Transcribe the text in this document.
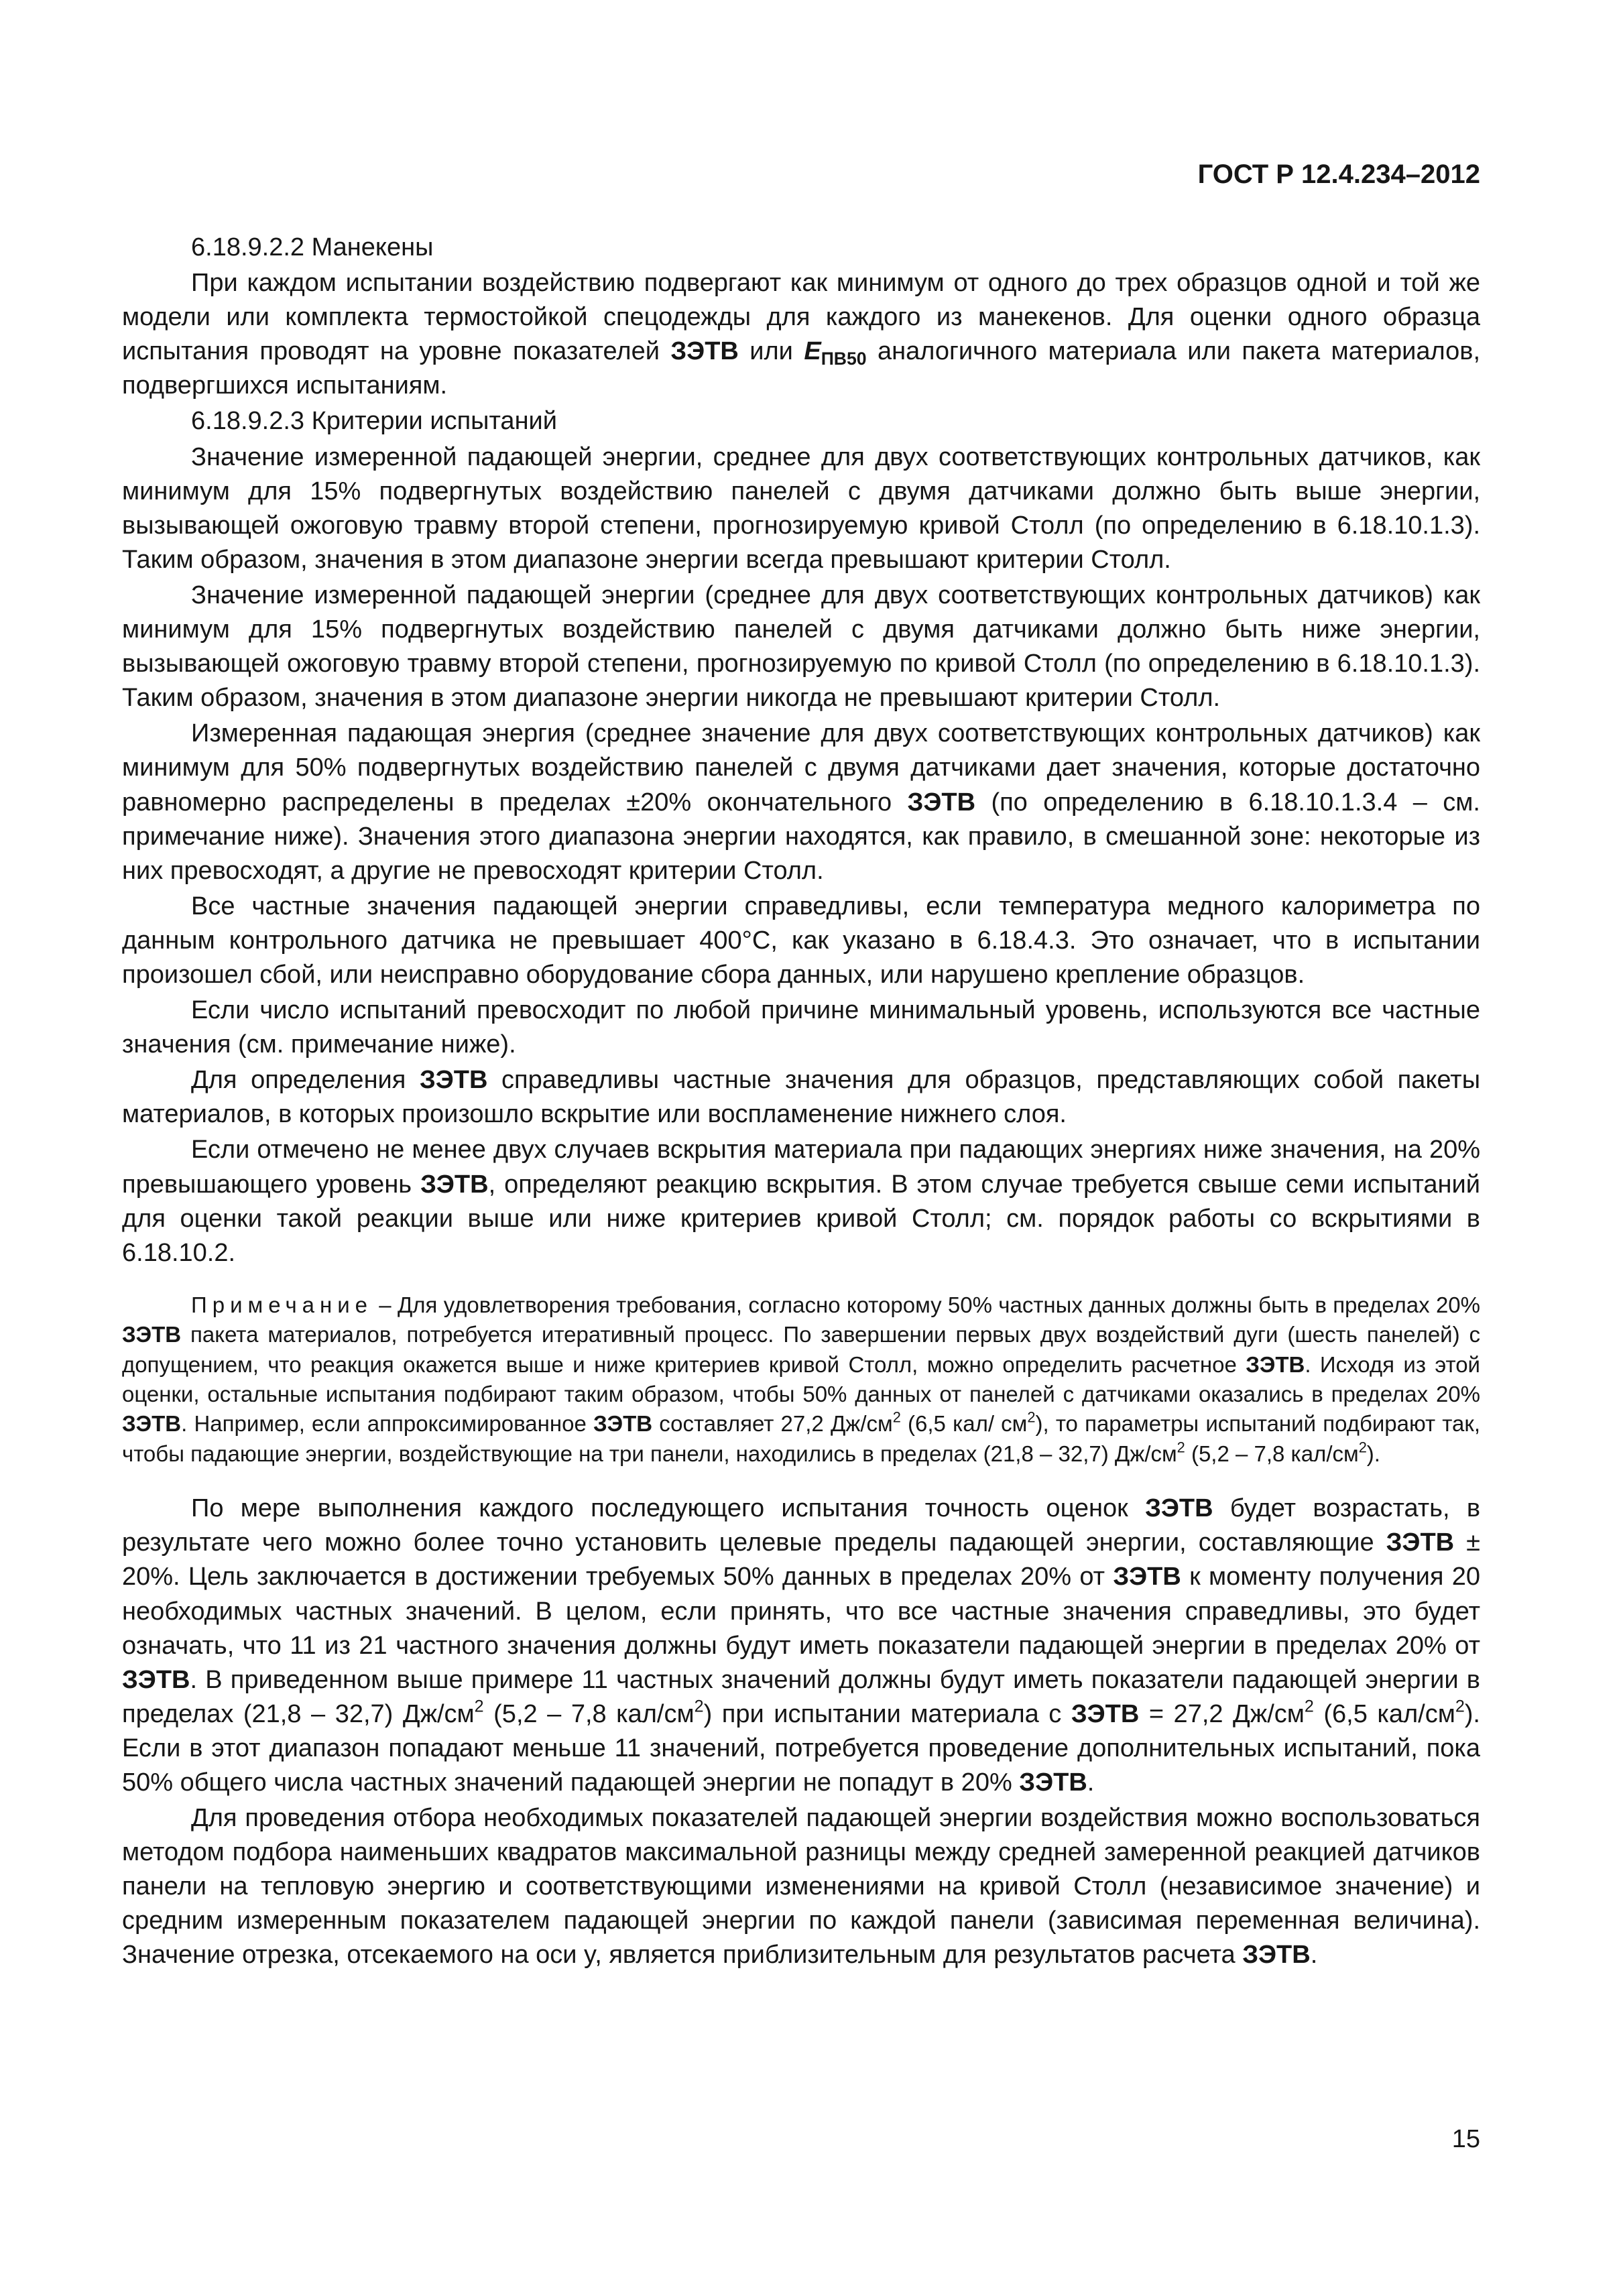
ГОСТ Р 12.4.234–2012

6.18.9.2.2 Манекены

При каждом испытании воздействию подвергают как минимум от одного до трех образцов одной и той же модели или комплекта термостойкой спецодежды для каждого из манекенов. Для оценки одного образца испытания проводят на уровне показателей ЗЭТВ или $E_{ПВ50}$ аналогичного материала или пакета материалов, подвергшихся испытаниям.

6.18.9.2.3 Критерии испытаний

Значение измеренной падающей энергии, среднее для двух соответствующих контрольных датчиков, как минимум для 15% подвергнутых воздействию панелей с двумя датчиками должно быть выше энергии, вызывающей ожоговую травму второй степени, прогнозируемую кривой Столл (по определению в 6.18.10.1.3). Таким образом, значения в этом диапазоне энергии всегда превышают критерии Столл.

Значение измеренной падающей энергии (среднее для двух соответствующих контрольных датчиков) как минимум для 15% подвергнутых воздействию панелей с двумя датчиками должно быть ниже энергии, вызывающей ожоговую травму второй степени, прогнозируемую по кривой Столл (по определению в 6.18.10.1.3). Таким образом, значения в этом диапазоне энергии никогда не превышают критерии Столл.

Измеренная падающая энергия (среднее значение для двух соответствующих контрольных датчиков) как минимум для 50% подвергнутых воздействию панелей с двумя датчиками дает значения, которые достаточно равномерно распределены в пределах ±20% окончательного ЗЭТВ (по определению в 6.18.10.1.3.4 – см. примечание ниже). Значения этого диапазона энергии находятся, как правило, в смешанной зоне: некоторые из них превосходят, а другие не превосходят критерии Столл.

Все частные значения падающей энергии справедливы, если температура медного калориметра по данным контрольного датчика не превышает 400°С, как указано в 6.18.4.3. Это означает, что в испытании произошел сбой, или неисправно оборудование сбора данных, или нарушено крепление образцов.

Если число испытаний превосходит по любой причине минимальный уровень, используются все частные значения (см. примечание ниже).

Для определения ЗЭТВ справедливы частные значения для образцов, представляющих собой пакеты материалов, в которых произошло вскрытие или воспламенение нижнего слоя.

Если отмечено не менее двух случаев вскрытия материала при падающих энергиях ниже значения, на 20% превышающего уровень ЗЭТВ, определяют реакцию вскрытия. В этом случае требуется свыше семи испытаний для оценки такой реакции выше или ниже критериев кривой Столл; см. порядок работы со вскрытиями в 6.18.10.2.

Примечание – Для удовлетворения требования, согласно которому 50% частных данных должны быть в пределах 20% ЗЭТВ пакета материалов, потребуется итеративный процесс. По завершении первых двух воздействий дуги (шесть панелей) с допущением, что реакция окажется выше и ниже критериев кривой Столл, можно определить расчетное ЗЭТВ. Исходя из этой оценки, остальные испытания подбирают таким образом, чтобы 50% данных от панелей с датчиками оказались в пределах 20% ЗЭТВ. Например, если аппроксимированное ЗЭТВ составляет 27,2 $Дж/см^2$ (6,5 кал/ $см^2$), то параметры испытаний подбирают так, чтобы падающие энергии, воздействующие на три панели, находились в пределах (21,8 – 32,7) $Дж/см^2$ (5,2 – 7,8 кал/$см^2$).

По мере выполнения каждого последующего испытания точность оценок ЗЭТВ будет возрастать, в результате чего можно более точно установить целевые пределы падающей энергии, составляющие ЗЭТВ ± 20%. Цель заключается в достижении требуемых 50% данных в пределах 20% от ЗЭТВ к моменту получения 20 необходимых частных значений. В целом, если принять, что все частные значения справедливы, это будет означать, что 11 из 21 частного значения должны будут иметь показатели падающей энергии в пределах 20% от ЗЭТВ. В приведенном выше примере 11 частных значений должны будут иметь показатели падающей энергии в пределах (21,8 – 32,7) $Дж/см^2$ (5,2 – 7,8 кал/$см^2$) при испытании материала с ЗЭТВ = 27,2 $Дж/см^2$ (6,5 кал/$см^2$). Если в этот диапазон попадают меньше 11 значений, потребуется проведение дополнительных испытаний, пока 50% общего числа частных значений падающей энергии не попадут в 20% ЗЭТВ.

Для проведения отбора необходимых показателей падающей энергии воздействия можно воспользоваться методом подбора наименьших квадратов максимальной разницы между средней замеренной реакцией датчиков панели на тепловую энергию и соответствующими изменениями на кривой Столл (независимое значение) и средним измеренным показателем падающей энергии по каждой панели (зависимая переменная величина). Значение отрезка, отсекаемого на оси y, является приблизительным для результатов расчета ЗЭТВ.

15
